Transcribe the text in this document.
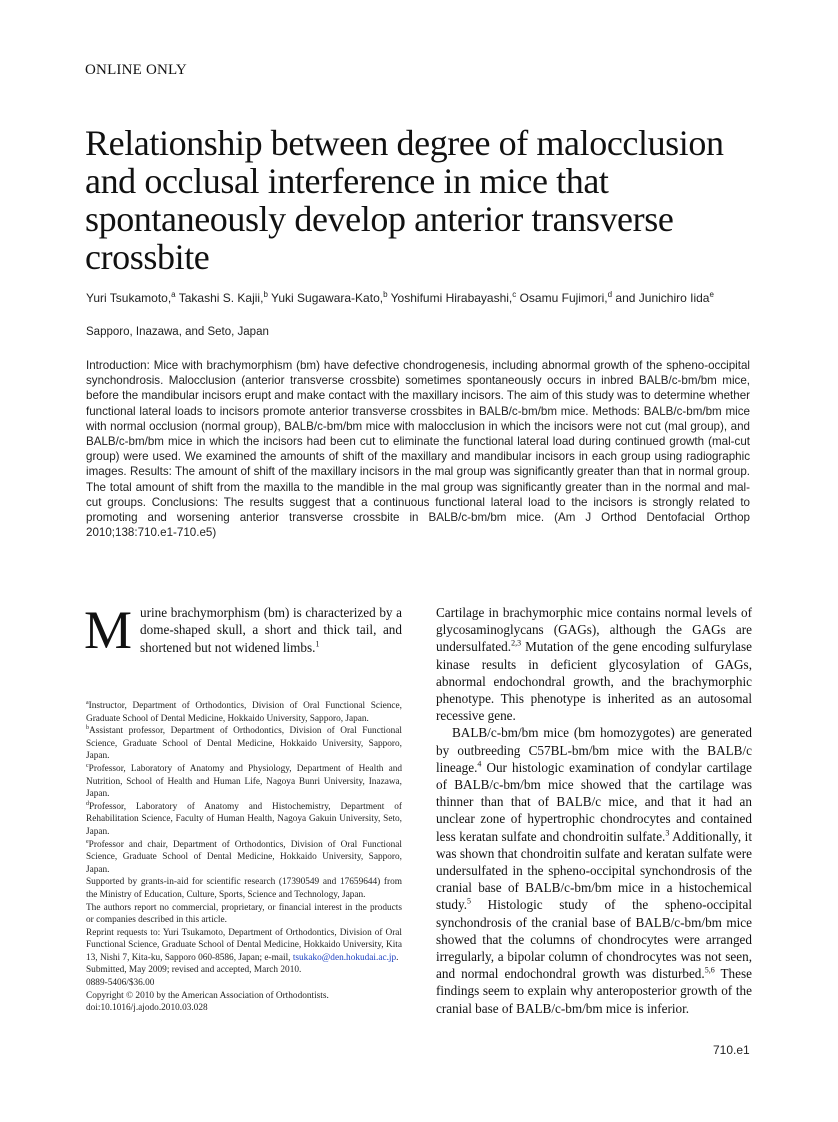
ONLINE ONLY
Relationship between degree of malocclusion and occlusal interference in mice that spontaneously develop anterior transverse crossbite
Yuri Tsukamoto,$^a$ Takashi S. Kajii,$^b$ Yuki Sugawara-Kato,$^b$ Yoshifumi Hirabayashi,$^c$ Osamu Fujimori,$^d$ and Junichiro Iida$^e$
Sapporo, Inazawa, and Seto, Japan

Introduction: Mice with brachymorphism (bm) have defective chondrogenesis, including abnormal growth of the spheno-occipital synchondrosis. Malocclusion (anterior transverse crossbite) sometimes spontaneously occurs in inbred BALB/c-bm/bm mice, before the mandibular incisors erupt and make contact with the maxillary incisors. The aim of this study was to determine whether functional lateral loads to incisors promote anterior transverse crossbites in BALB/c-bm/bm mice. Methods: BALB/c-bm/bm mice with normal occlusion (normal group), BALB/c-bm/bm mice with malocclusion in which the incisors were not cut (mal group), and BALB/c-bm/bm mice in which the incisors had been cut to eliminate the functional lateral load during continued growth (mal-cut group) were used. We examined the amounts of shift of the maxillary and mandibular incisors in each group using radiographic images. Results: The amount of shift of the maxillary incisors in the mal group was significantly greater than that in normal group. The total amount of shift from the maxilla to the mandible in the mal group was significantly greater than in the normal and mal-cut groups. Conclusions: The results suggest that a continuous functional lateral load to the incisors is strongly related to promoting and worsening anterior transverse crossbite in BALB/c-bm/bm mice. (Am J Orthod Dentofacial Orthop 2010;138:710.e1-710.e5)

Murine brachymorphism (bm) is characterized by a dome-shaped skull, a short and thick tail, and shortened but not widened limbs.$^1$

$^a$Instructor, Department of Orthodontics, Division of Oral Functional Science, Graduate School of Dental Medicine, Hokkaido University, Sapporo, Japan.

$^b$Assistant professor, Department of Orthodontics, Division of Oral Functional Science, Graduate School of Dental Medicine, Hokkaido University, Sapporo, Japan.

$^c$Professor, Laboratory of Anatomy and Physiology, Department of Health and Nutrition, School of Health and Human Life, Nagoya Bunri University, Inazawa, Japan.

$^d$Professor, Laboratory of Anatomy and Histochemistry, Department of Rehabilitation Science, Faculty of Human Health, Nagoya Gakuin University, Seto, Japan.

$^e$Professor and chair, Department of Orthodontics, Division of Oral Functional Science, Graduate School of Dental Medicine, Hokkaido University, Sapporo, Japan.

Supported by grants-in-aid for scientific research (17390549 and 17659644) from the Ministry of Education, Culture, Sports, Science and Technology, Japan.

The authors report no commercial, proprietary, or financial interest in the products or companies described in this article.

Reprint requests to: Yuri Tsukamoto, Department of Orthodontics, Division of Oral Functional Science, Graduate School of Dental Medicine, Hokkaido University, Kita 13, Nishi 7, Kita-ku, Sapporo 060-8586, Japan; e-mail, tsukako@den.hokudai.ac.jp.

Submitted, May 2009; revised and accepted, March 2010.

0889-5406/$36.00

Copyright © 2010 by the American Association of Orthodontists.

doi:10.1016/j.ajodo.2010.03.028

Cartilage in brachymorphic mice contains normal levels of glycosaminoglycans (GAGs), although the GAGs are undersulfated.$^{2,3}$ Mutation of the gene encoding sulfurylase kinase results in deficient glycosylation of GAGs, abnormal endochondral growth, and the brachymorphic phenotype. This phenotype is inherited as an autosomal recessive gene.

BALB/c-bm/bm mice (bm homozygotes) are generated by outbreeding C57BL-bm/bm mice with the BALB/c lineage.$^4$ Our histologic examination of condylar cartilage of BALB/c-bm/bm mice showed that the cartilage was thinner than that of BALB/c mice, and that it had an unclear zone of hypertrophic chondrocytes and contained less keratan sulfate and chondroitin sulfate.$^3$ Additionally, it was shown that chondroitin sulfate and keratan sulfate were undersulfated in the spheno-occipital synchondrosis of the cranial base of BALB/c-bm/bm mice in a histochemical study.$^5$ Histologic study of the spheno-occipital synchondrosis of the cranial base of BALB/c-bm/bm mice showed that the columns of chondrocytes were arranged irregularly, a bipolar column of chondrocytes was not seen, and normal endochondral growth was disturbed.$^{5,6}$ These findings seem to explain why anteroposterior growth of the cranial base of BALB/c-bm/bm mice is inferior.

710.e1
